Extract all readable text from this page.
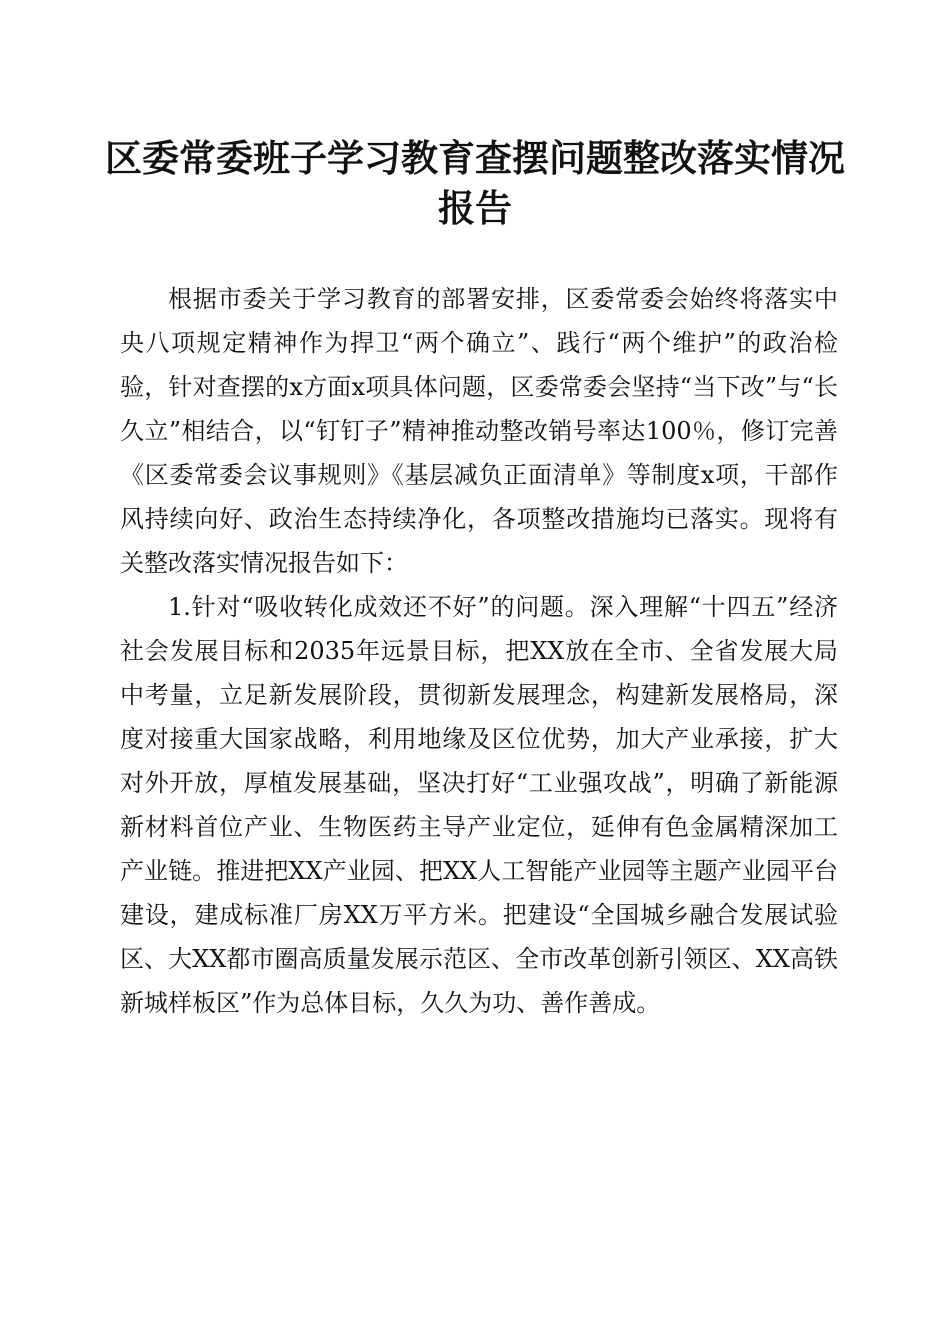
区委常委班子学习教育查摆问题整改落实情况
报告

根据市委关于学习教育的部署安排，区委常委会始终将落实中央八项规定精神作为捍卫“两个确立”、践行“两个维护”的政治检验，针对查摆的x方面x项具体问题，区委常委会坚持“当下改”与“长久立”相结合，以“钉钉子”精神推动整改销号率达100％，修订完善《区委常委会议事规则》《基层减负正面清单》等制度x项，干部作风持续向好、政治生态持续净化，各项整改措施均已落实。现将有关整改落实情况报告如下：

1.针对“吸收转化成效还不好”的问题。深入理解“十四五”经济社会发展目标和2035年远景目标，把XX放在全市、全省发展大局中考量，立足新发展阶段，贯彻新发展理念，构建新发展格局，深度对接重大国家战略，利用地缘及区位优势，加大产业承接，扩大对外开放，厚植发展基础，坚决打好“工业强攻战”，明确了新能源新材料首位产业、生物医药主导产业定位，延伸有色金属精深加工产业链。推进把XX产业园、把XX人工智能产业园等主题产业园平台建设，建成标准厂房XX万平方米。把建设“全国城乡融合发展试验区、大XX都市圈高质量发展示范区、全市改革创新引领区、XX高铁新城样板区”作为总体目标，久久为功、善作善成。
